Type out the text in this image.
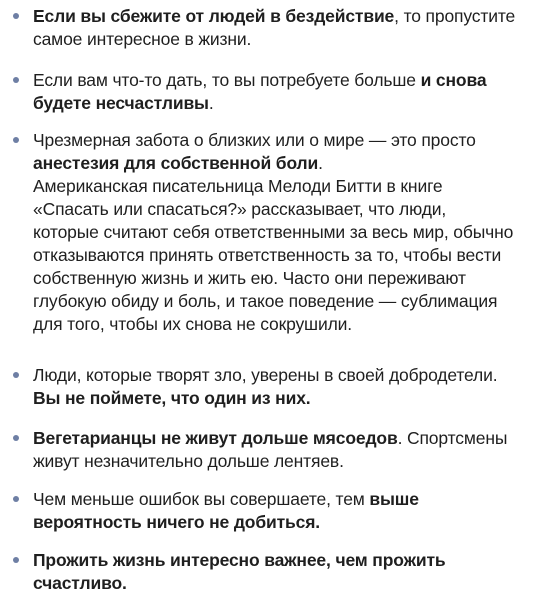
Если вы сбежите от людей в бездействие, то пропустите
самое интересное в жизни.
Если вам что-то дать, то вы потребуете больше и снова
будете несчастливы.
Чрезмерная забота о близких или о мире — это просто
анестезия для собственной боли.
Американская писательница Мелоди Битти в книге
«Спасать или спасаться?» рассказывает, что люди,
которые считают себя ответственными за весь мир, обычно
отказываются принять ответственность за то, чтобы вести
собственную жизнь и жить ею. Часто они переживают
глубокую обиду и боль, и такое поведение — сублимация
для того, чтобы их снова не сокрушили.
Люди, которые творят зло, уверены в своей добродетели.
Вы не поймете, что один из них.
Вегетарианцы не живут дольше мясоедов. Спортсмены
живут незначительно дольше лентяев.
Чем меньше ошибок вы совершаете, тем выше
вероятность ничего не добиться.
Прожить жизнь интересно важнее, чем прожить
счастливо.
